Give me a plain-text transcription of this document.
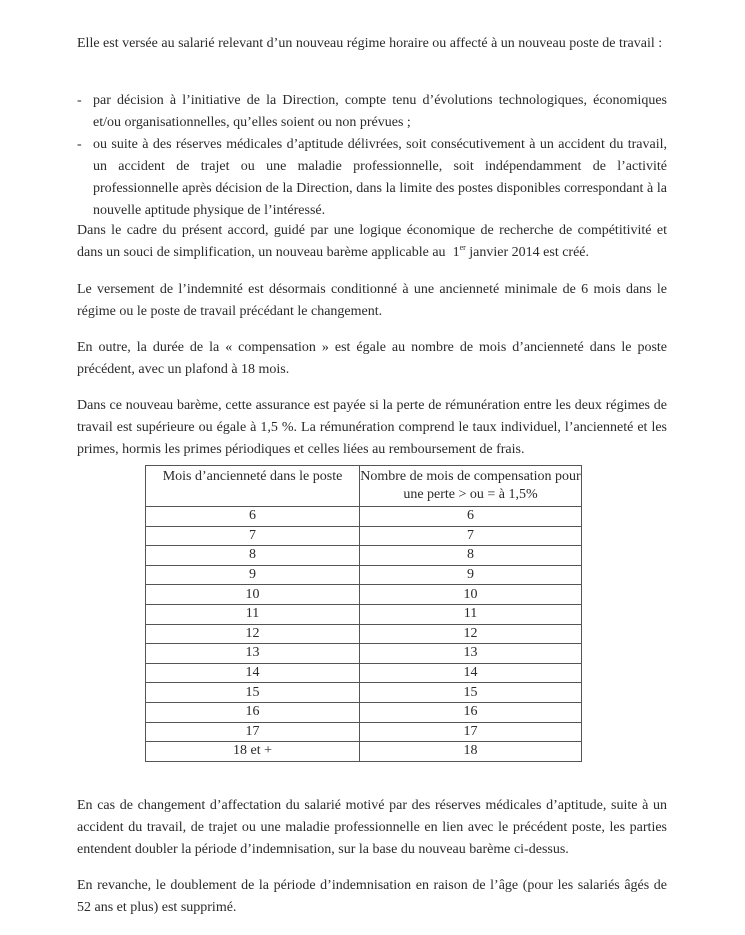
Elle est versée au salarié relevant d’un nouveau régime horaire ou affecté à un nouveau poste de travail :

- par décision à l’initiative de la Direction, compte tenu d’évolutions technologiques, économiques et/ou organisationnelles, qu’elles soient ou non prévues ;
- ou suite à des réserves médicales d’aptitude délivrées, soit consécutivement à un accident du travail, un accident de trajet ou une maladie professionnelle, soit indépendamment de l’activité professionnelle après décision de la Direction, dans la limite des postes disponibles correspondant à la nouvelle aptitude physique de l’intéressé.

Dans le cadre du présent accord, guidé par une logique économique de recherche de compétitivité et dans un souci de simplification, un nouveau barème applicable au 1er janvier 2014 est créé.

Le versement de l’indemnité est désormais conditionné à une ancienneté minimale de 6 mois dans le régime ou le poste de travail précédant le changement.

En outre, la durée de la « compensation » est égale au nombre de mois d’ancienneté dans le poste précédent, avec un plafond à 18 mois.

Dans ce nouveau barème, cette assurance est payée si la perte de rémunération entre les deux régimes de travail est supérieure ou égale à 1,5 %. La rémunération comprend le taux individuel, l’ancienneté et les primes, hormis les primes périodiques et celles liées au remboursement de frais.

Mois d’ancienneté dans le poste	Nombre de mois de compensation pour une perte > ou = à 1,5%
6	6
7	7
8	8
9	9
10	10
11	11
12	12
13	13
14	14
15	15
16	16
17	17
18 et +	18

En cas de changement d’affectation du salarié motivé par des réserves médicales d’aptitude, suite à un accident du travail, de trajet ou une maladie professionnelle en lien avec le précédent poste, les parties entendent doubler la période d’indemnisation, sur la base du nouveau barème ci-dessus.

En revanche, le doublement de la période d’indemnisation en raison de l’âge (pour les salariés âgés de 52 ans et plus) est supprimé.
